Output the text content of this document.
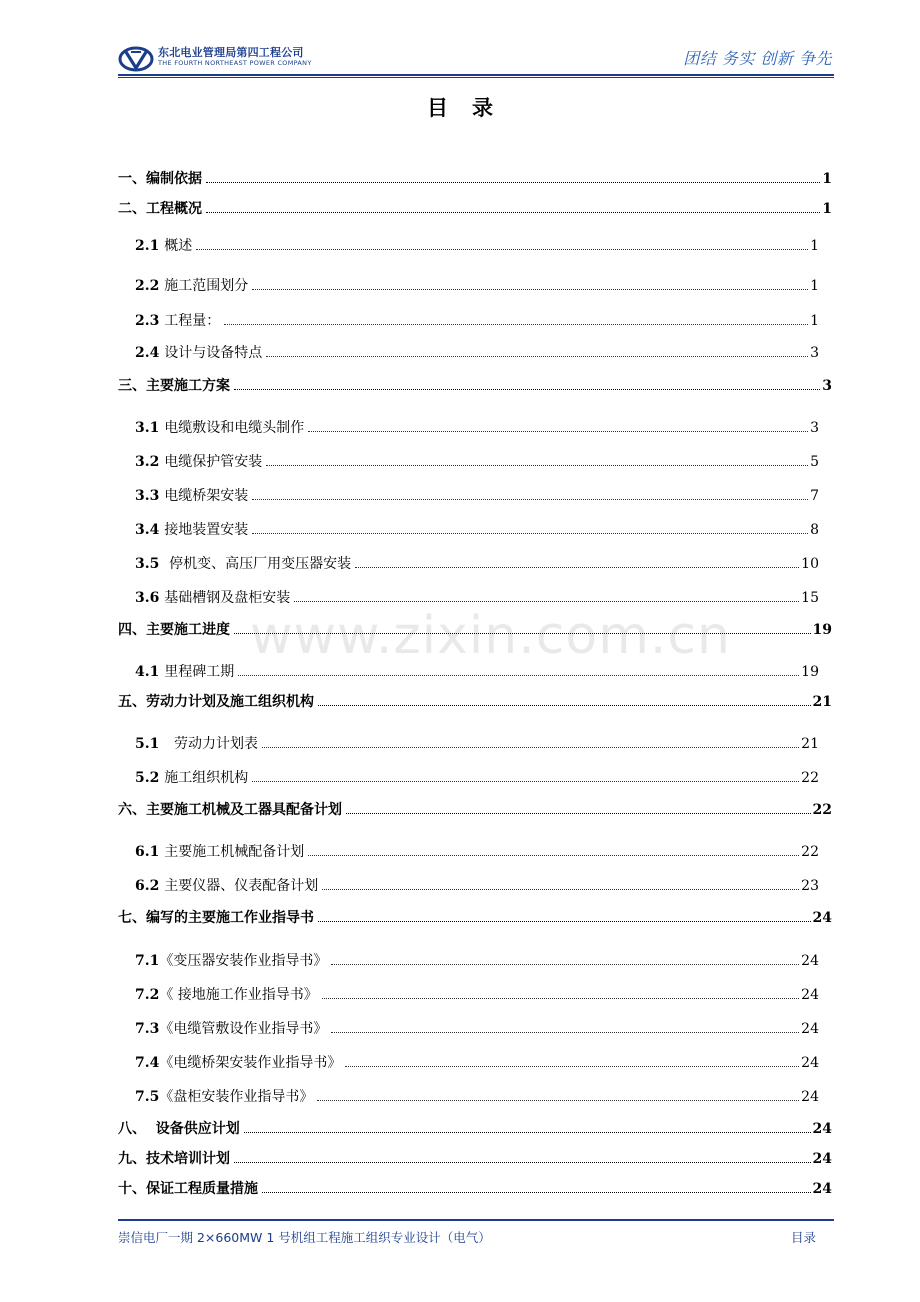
东北电业管理局第四工程公司
THE FOURTH NORTHEAST POWER COMPANY	团结 务实 创新 争先
目录
一、 编制依据	1
二、 工程概况	1
2.1 概述	1
2.2 施工范围划分	1
2.3 工程量：	1
2.4 设计与设备特点	3
三、 主要施工方案	3
3.1 电缆敷设和电缆头制作	3
3.2 电缆保护管安装	5
3.3 电缆桥架安装	7
3.4 接地装置安装	8
3.5 停机变、高压厂用变压器安装	10
3.6 基础槽钢及盘柜安装	15
四、 主要施工进度	19
4.1 里程碑工期	19
五、 劳动力计划及施工组织机构	21
5.1 劳动力计划表	21
5.2 施工组织机构	22
六、 主要施工机械及工器具配备计划	22
6.1 主要施工机械配备计划	22
6.2 主要仪器、仪表配备计划	23
七、 编写的主要施工作业指导书	24
7.1 《变压器安装作业指导书》	24
7.2 《 接地施工作业指导书》	24
7.3 《电缆管敷设作业指导书》	24
7.4 《电缆桥架安装作业指导书》	24
7.5 《盘柜安装作业指导书》	24
八、 设备供应计划	24
九、 技术培训计划	24
十、 保证工程质量措施	24
www.zixin.com.cn
崇信电厂一期 2×660MW 1 号机组工程施工组织专业设计（电气）	目录
